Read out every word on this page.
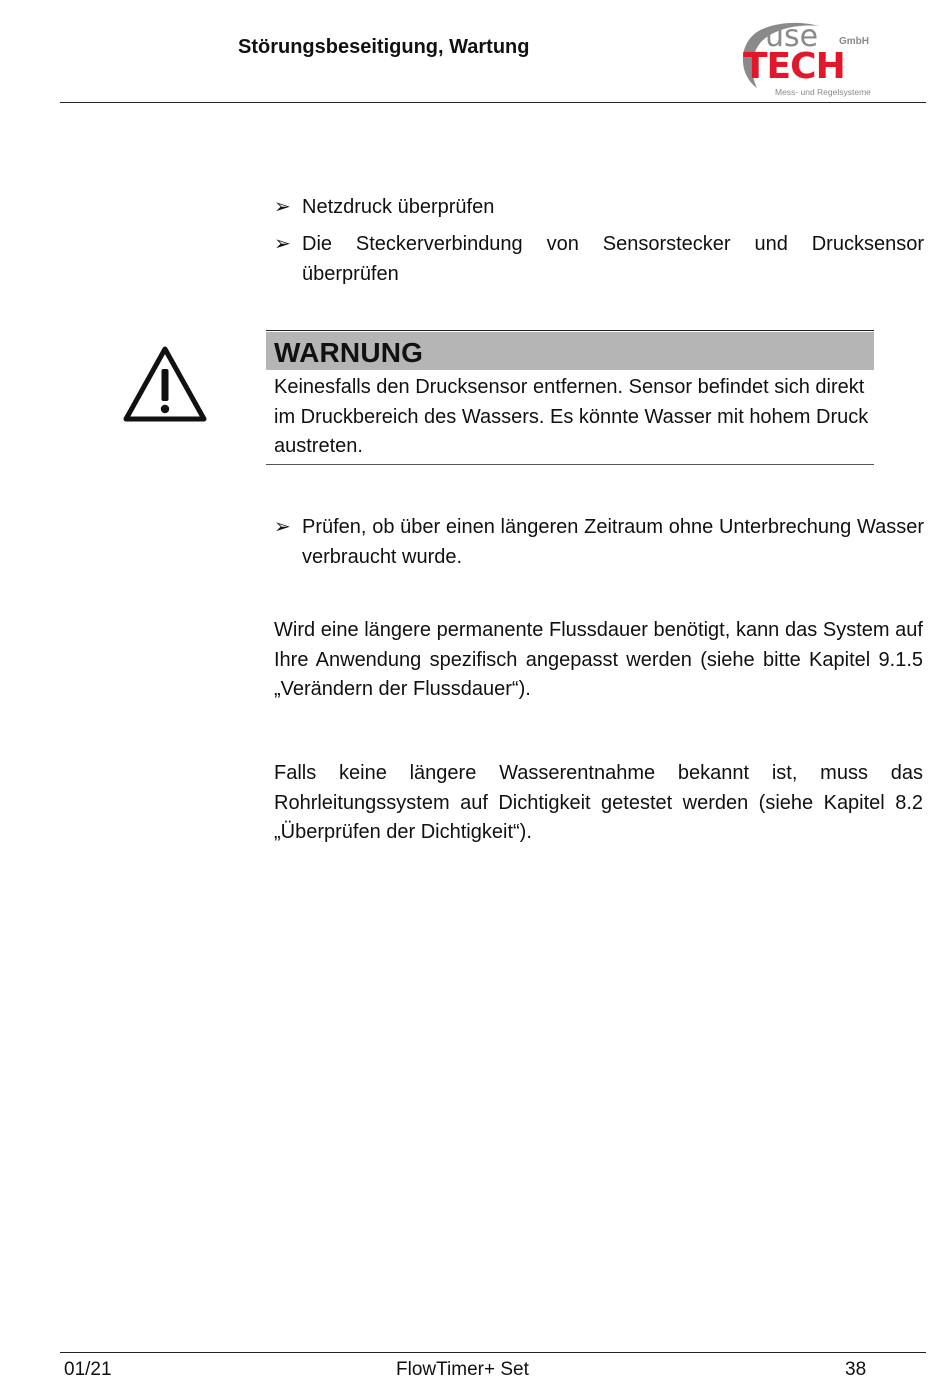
Störungsbeseitigung, Wartung	use GmbH
TECH
Mess- und Regelsysteme
➢ Netzdruck überprüfen
➢ Die Steckerverbindung von Sensorstecker und Drucksensor überprüfen
WARNUNG
Keinesfalls den Drucksensor entfernen. Sensor befindet sich direkt im Druckbereich des Wassers. Es könnte Wasser mit hohem Druck austreten.
➢ Prüfen, ob über einen längeren Zeitraum ohne Unterbrechung Wasser verbraucht wurde.
Wird eine längere permanente Flussdauer benötigt, kann das System auf Ihre Anwendung spezifisch angepasst werden (siehe bitte Kapitel 9.1.5 „Verändern der Flussdauer“).
Falls keine längere Wasserentnahme bekannt ist, muss das Rohrleitungssystem auf Dichtigkeit getestet werden (siehe Kapitel 8.2 „Überprüfen der Dichtigkeit“).
01/21	FlowTimer+ Set	38
